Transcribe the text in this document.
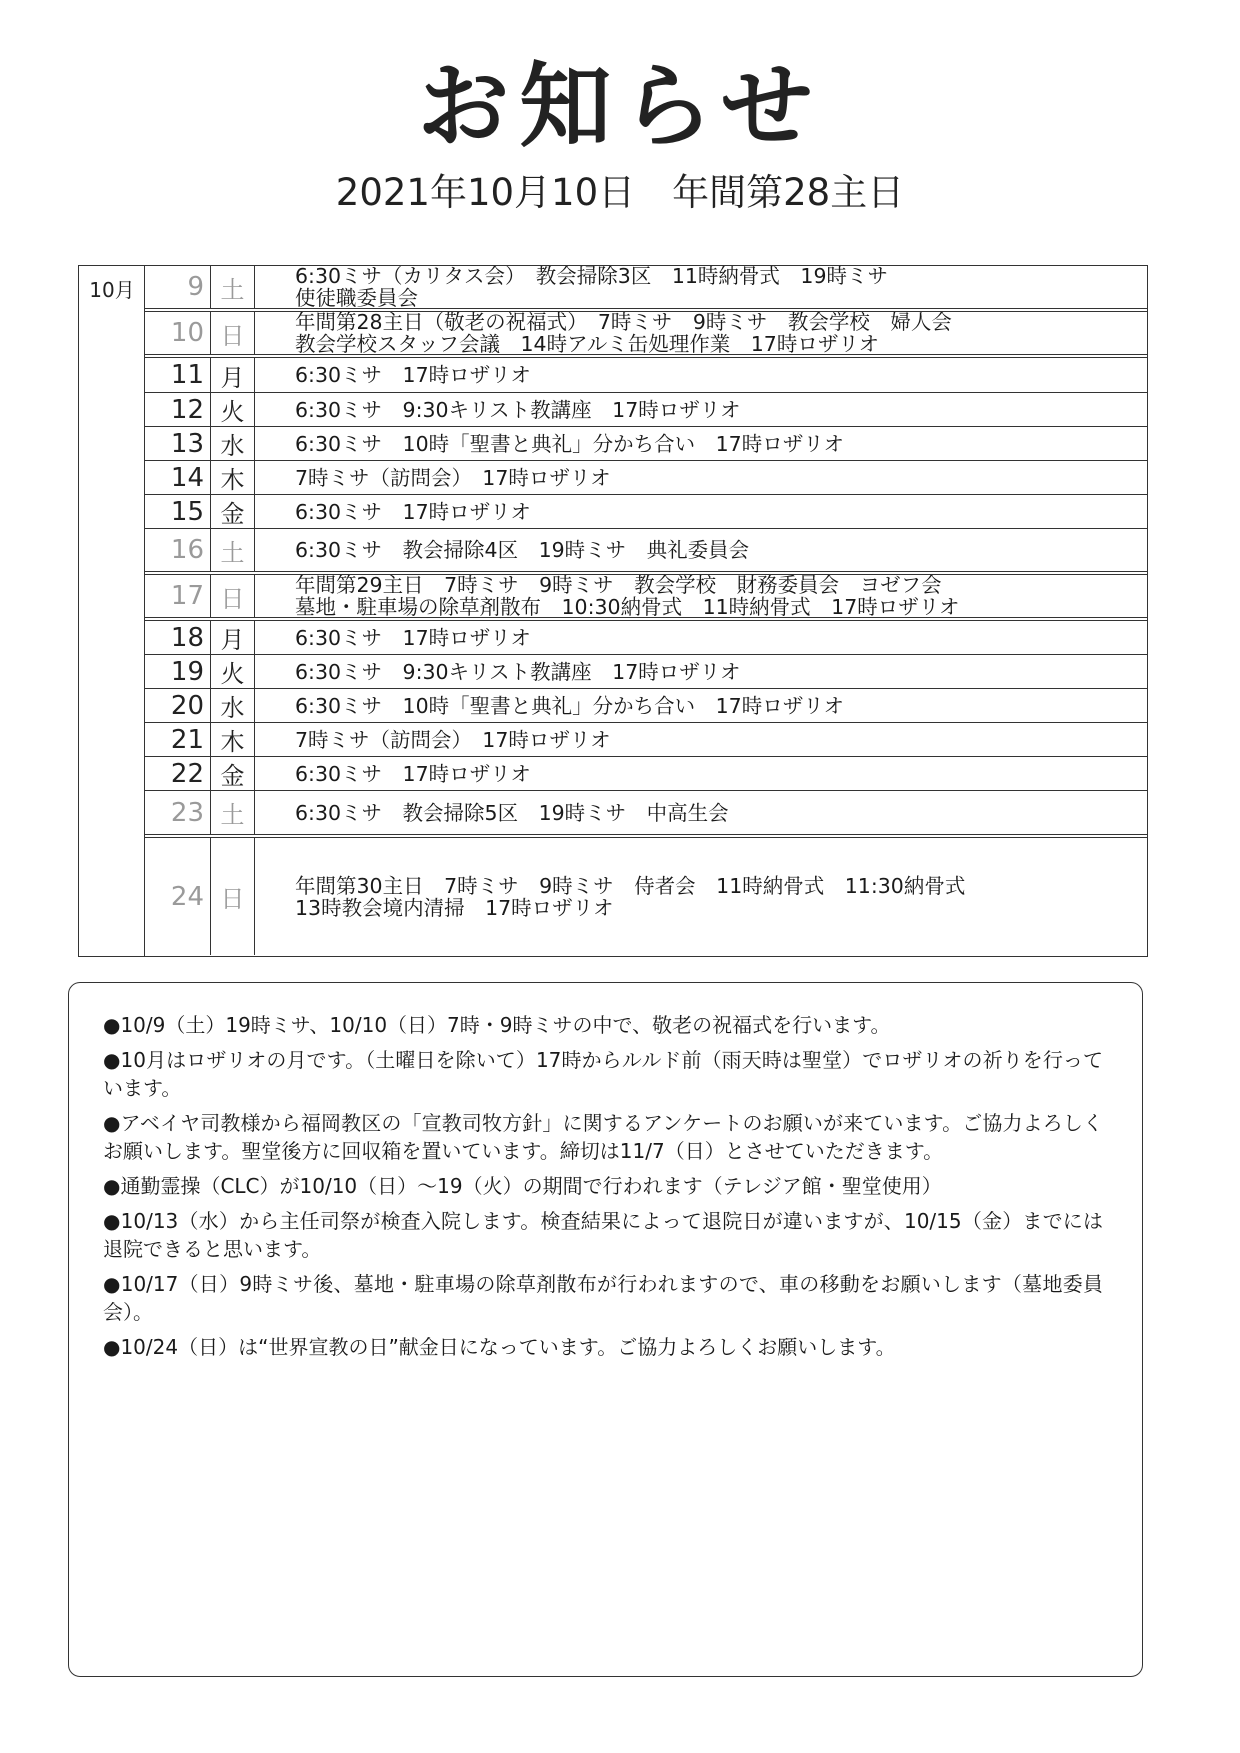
お知らせ
2021年10月10日　年間第28主日
10月	9 土	6:30ミサ（カリタス会）　教会掃除3区　11時納骨式　19時ミサ
使徒職委員会
10 日	年間第28主日（敬老の祝福式）　7時ミサ　9時ミサ　教会学校　婦人会
教会学校スタッフ会議　14時アルミ缶処理作業　17時ロザリオ
11 月	6:30ミサ　17時ロザリオ
12 火	6:30ミサ　9:30キリスト教講座　17時ロザリオ
13 水	6:30ミサ　10時「聖書と典礼」分かち合い　17時ロザリオ
14 木	7時ミサ（訪問会）　17時ロザリオ
15 金	6:30ミサ　17時ロザリオ
16 土	6:30ミサ　教会掃除4区　19時ミサ　典礼委員会
17 日	年間第29主日　7時ミサ　9時ミサ　教会学校　財務委員会　ヨゼフ会
墓地・駐車場の除草剤散布　10:30納骨式　11時納骨式　17時ロザリオ
18 月	6:30ミサ　17時ロザリオ
19 火	6:30ミサ　9:30キリスト教講座　17時ロザリオ
20 水	6:30ミサ　10時「聖書と典礼」分かち合い　17時ロザリオ
21 木	7時ミサ（訪問会）　17時ロザリオ
22 金	6:30ミサ　17時ロザリオ
23 土	6:30ミサ　教会掃除5区　19時ミサ　中高生会
24 日	年間第30主日　7時ミサ　9時ミサ　侍者会　11時納骨式　11:30納骨式
13時教会境内清掃　17時ロザリオ
●10/9（土）19時ミサ、10/10（日）7時・9時ミサの中で、敬老の祝福式を行います。
●10月はロザリオの月です。（土曜日を除いて）17時からルルド前（雨天時は聖堂）でロザリオの祈りを行っています。
●アベイヤ司教様から福岡教区の「宣教司牧方針」に関するアンケートのお願いが来ています。ご協力よろしくお願いします。聖堂後方に回収箱を置いています。締切は11/7（日）とさせていただきます。
●通勤霊操（CLC）が10/10（日）～19（火）の期間で行われます（テレジア館・聖堂使用）
●10/13（水）から主任司祭が検査入院します。検査結果によって退院日が違いますが、10/15（金）までには退院できると思います。
●10/17（日）9時ミサ後、墓地・駐車場の除草剤散布が行われますので、車の移動をお願いします（墓地委員会）。
●10/24（日）は“世界宣教の日”献金日になっています。ご協力よろしくお願いします。
